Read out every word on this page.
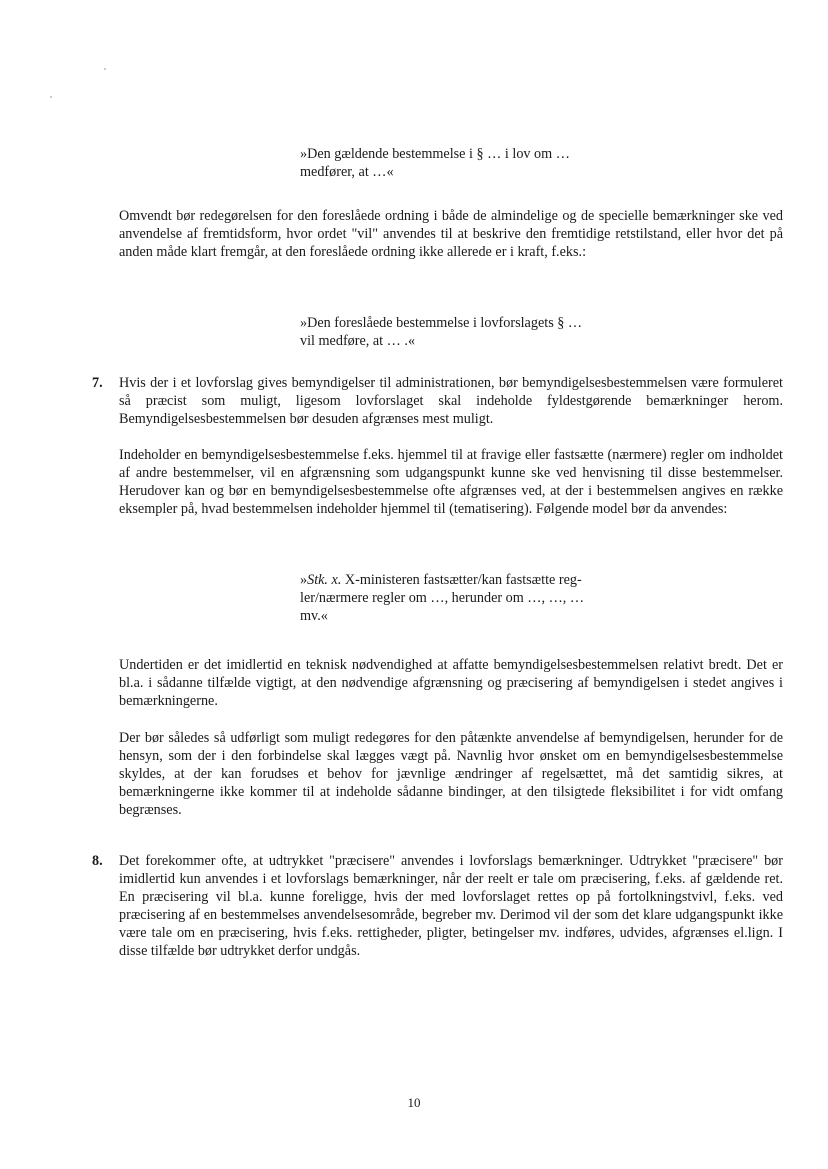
»Den gældende bestemmelse i § … i lov om …
medfører, at …«

Omvendt bør redegørelsen for den foreslåede ordning i både de almindelige og de specielle bemærkninger ske ved anvendelse af fremtidsform, hvor ordet "vil" anvendes til at beskrive den fremtidige retstilstand, eller hvor det på anden måde klart fremgår, at den foreslåede ordning ikke allerede er i kraft, f.eks.:

»Den foreslåede bestemmelse i lovforslagets § …
vil medføre, at … .«

7. Hvis der i et lovforslag gives bemyndigelser til administrationen, bør bemyndigelsesbestemmelsen være formuleret så præcist som muligt, ligesom lovforslaget skal indeholde fyldestgørende bemærkninger herom. Bemyndigelsesbestemmelsen bør desuden afgrænses mest muligt.

Indeholder en bemyndigelsesbestemmelse f.eks. hjemmel til at fravige eller fastsætte (nærmere) regler om indholdet af andre bestemmelser, vil en afgrænsning som udgangspunkt kunne ske ved henvisning til disse bestemmelser. Herudover kan og bør en bemyndigelsesbestemmelse ofte afgrænses ved, at der i bestemmelsen angives en række eksempler på, hvad bestemmelsen indeholder hjemmel til (tematisering). Følgende model bør da anvendes:

»Stk. x. X-ministeren fastsætter/kan fastsætte reg-
ler/nærmere regler om …, herunder om …, …, …
mv.«

Undertiden er det imidlertid en teknisk nødvendighed at affatte bemyndigelsesbestemmelsen relativt bredt. Det er bl.a. i sådanne tilfælde vigtigt, at den nødvendige afgrænsning og præcisering af bemyndigelsen i stedet angives i bemærkningerne.

Der bør således så udførligt som muligt redegøres for den påtænkte anvendelse af bemyndigelsen, herunder for de hensyn, som der i den forbindelse skal lægges vægt på. Navnlig hvor ønsket om en bemyndigelsesbestemmelse skyldes, at der kan forudses et behov for jævnlige ændringer af regelsættet, må det samtidig sikres, at bemærkningerne ikke kommer til at indeholde sådanne bindinger, at den tilsigtede fleksibilitet i for vidt omfang begrænses.

8. Det forekommer ofte, at udtrykket "præcisere" anvendes i lovforslags bemærkninger. Udtrykket "præcisere" bør imidlertid kun anvendes i et lovforslags bemærkninger, når der reelt er tale om præcisering, f.eks. af gældende ret. En præcisering vil bl.a. kunne foreligge, hvis der med lovforslaget rettes op på fortolkningstvivl, f.eks. ved præcisering af en bestemmelses anvendelsesområde, begreber mv. Derimod vil der som det klare udgangspunkt ikke være tale om en præcisering, hvis f.eks. rettigheder, pligter, betingelser mv. indføres, udvides, afgrænses el.lign. I disse tilfælde bør udtrykket derfor undgås.

10
